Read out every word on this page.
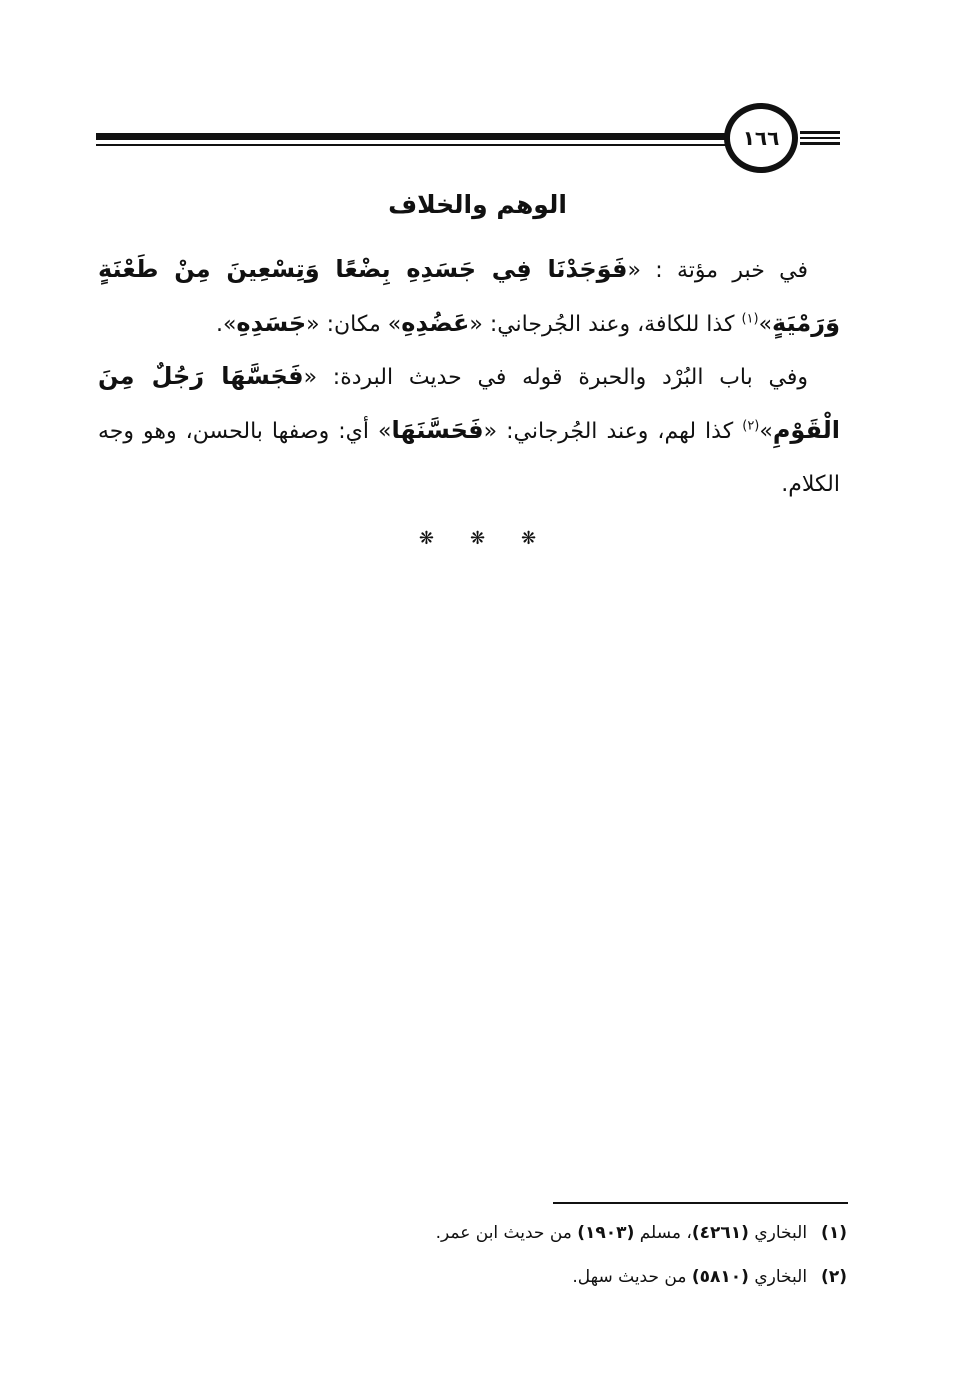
١٦٦
الوهم والخلاف
في خبر مؤتة : «فَوَجَدْنَا فِي جَسَدِهِ بِضْعًا وَتِسْعِينَ مِنْ طَعْنَةٍ وَرَمْيَةٍ»$^{(١)}$ كذا للكافة، وعند الجُرجاني: «عَضُدِهِ» مكان: «جَسَدِهِ».
وفي باب البُرْد والحبرة قوله في حديث البردة: «فَجَسَّهَا رَجُلٌ مِنَ الْقَوْمِ»$^{(٢)}$ كذا لهم، وعند الجُرجاني: «فَحَسَّنَهَا» أي: وصفها بالحسن، وهو وجه الكلام.
❋ ❋ ❋
(١)البخاري (٤٢٦١)، مسلم (١٩٠٣) من حديث ابن عمر.
(٢)البخاري (٥٨١٠) من حديث سهل.
